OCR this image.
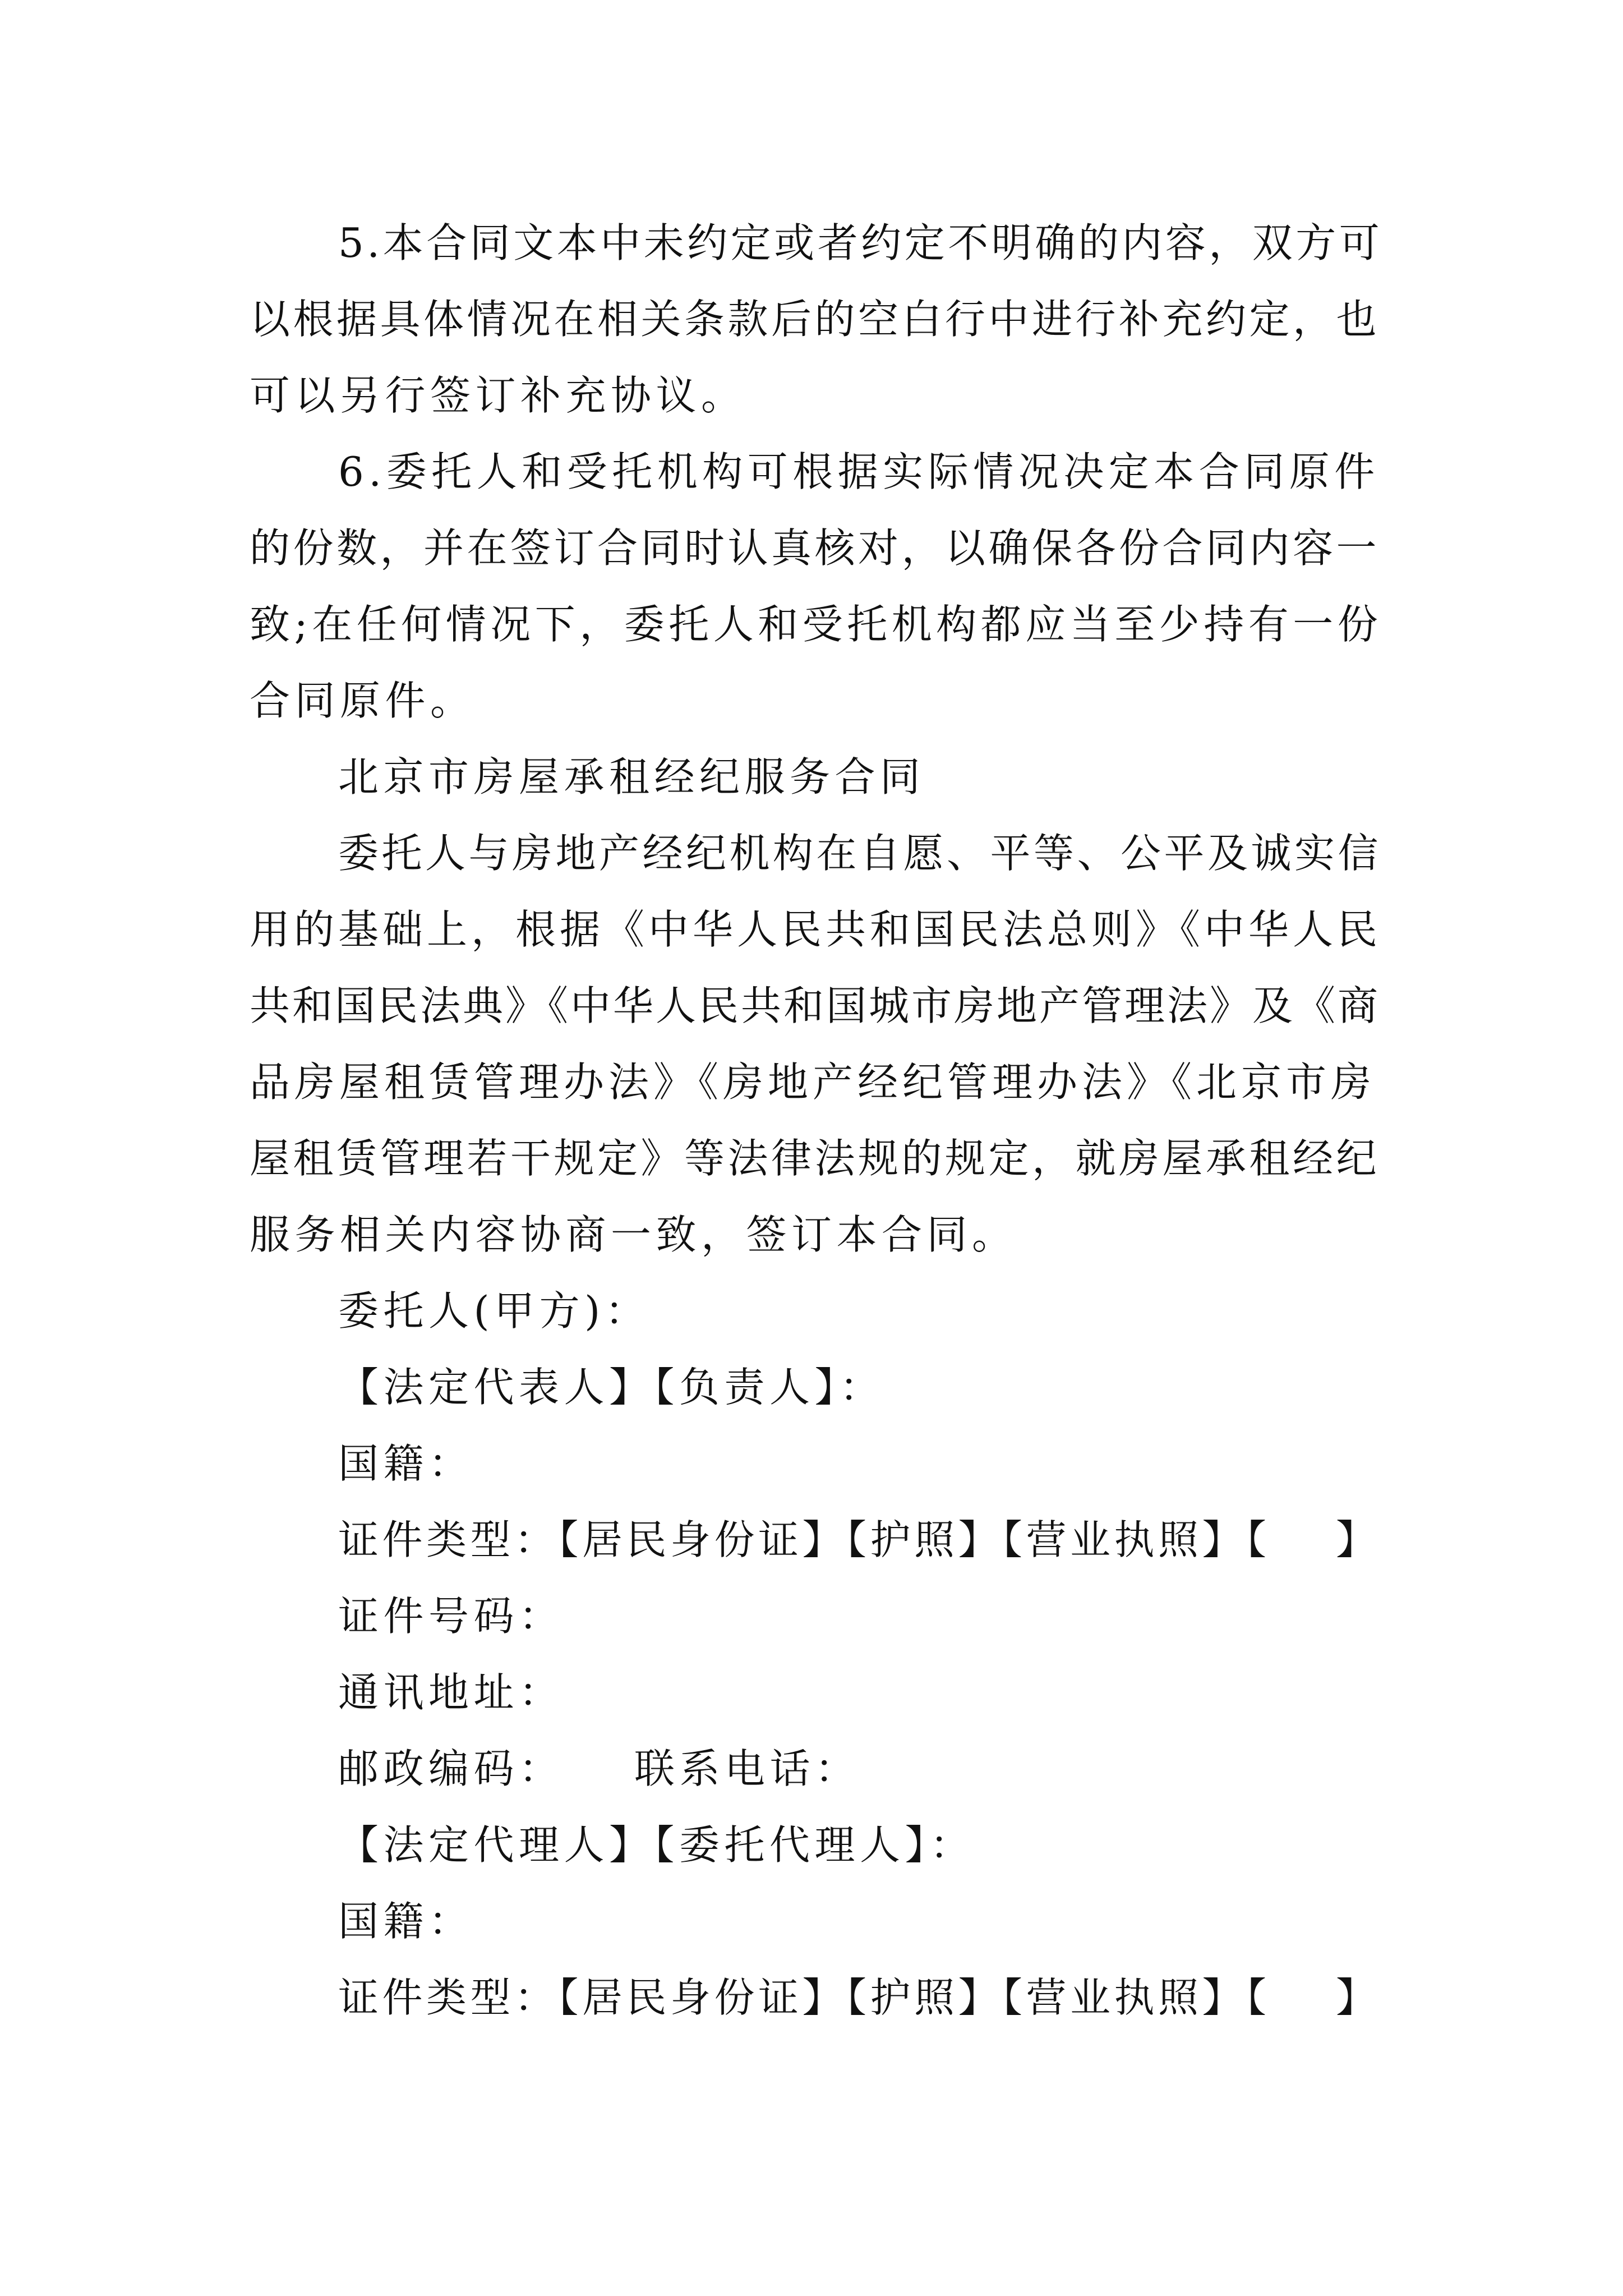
5.本合同文本中未约定或者约定不明确的内容，双方可
以根据具体情况在相关条款后的空白行中进行补充约定，也
可以另行签订补充协议。
6.委托人和受托机构可根据实际情况决定本合同原件
的份数，并在签订合同时认真核对，以确保各份合同内容一
致;在任何情况下，委托人和受托机构都应当至少持有一份
合同原件。
北京市房屋承租经纪服务合同
委托人与房地产经纪机构在自愿、平等、公平及诚实信
用的基础上，根据《中华人民共和国民法总则》《中华人民
共和国民法典》《中华人民共和国城市房地产管理法》及《商
品房屋租赁管理办法》《房地产经纪管理办法》《北京市房
屋租赁管理若干规定》等法律法规的规定，就房屋承租经纪
服务相关内容协商一致，签订本合同。
委托人(甲方)：
【法定代表人】【负责人】：
国籍：
证件类型：【居民身份证】【护照】【营业执照】【    】
证件号码：
通讯地址：
邮政编码：    联系电话：
【法定代理人】【委托代理人】：
国籍：
证件类型：【居民身份证】【护照】【营业执照】【    】
